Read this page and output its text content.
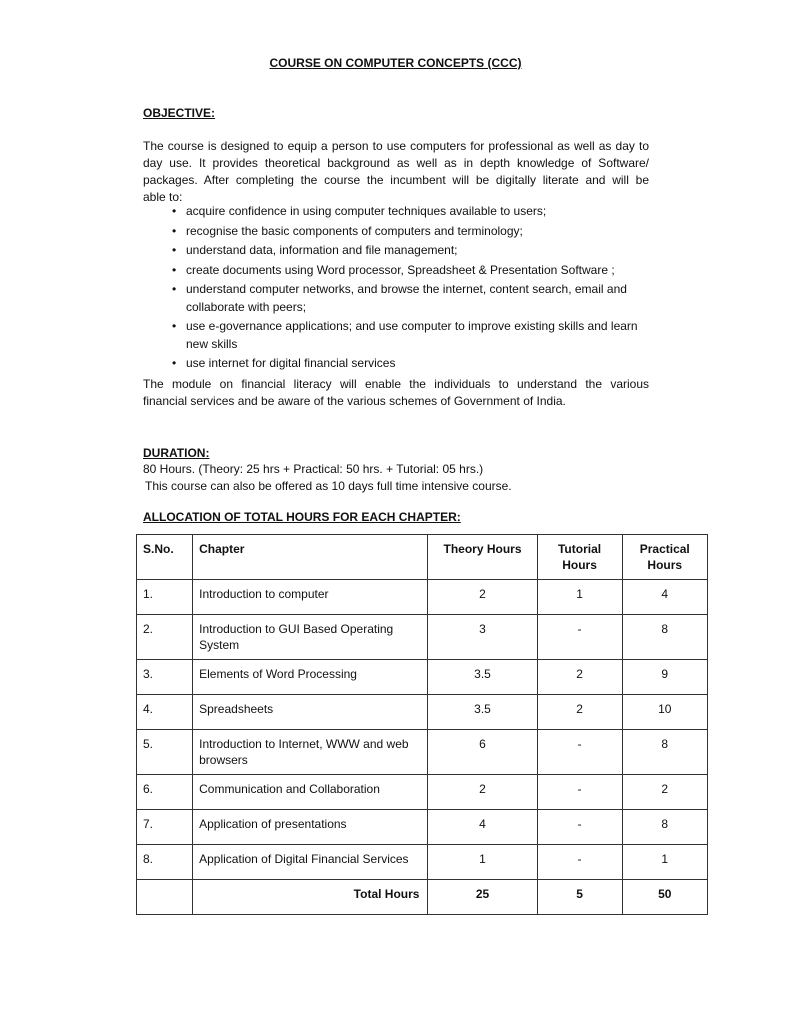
COURSE ON COMPUTER CONCEPTS (CCC)
OBJECTIVE:
The course is designed to equip a person to use computers for professional as well as day to
day use. It provides theoretical background as well as in depth knowledge of Software/
packages. After completing the course the incumbent will be digitally literate and will be
able to:
• acquire confidence in using computer techniques available to users;
• recognise the basic components of computers and terminology;
• understand data, information and file management;
• create documents using Word processor, Spreadsheet & Presentation Software ;
• understand computer networks, and browse the internet, content search, email and collaborate with peers;
• use e-governance applications; and use computer to improve existing skills and learn new skills
• use internet for digital financial services
The module on financial literacy will enable the individuals to understand the various
financial services and be aware of the various schemes of Government of India.
DURATION:
80 Hours. (Theory: 25 hrs + Practical: 50 hrs. + Tutorial: 05 hrs.)
This course can also be offered as 10 days full time intensive course.
ALLOCATION OF TOTAL HOURS FOR EACH CHAPTER:
S.No.	Chapter	Theory Hours	Tutorial Hours	Practical Hours
1.	Introduction to computer	2	1	4
2.	Introduction to GUI Based Operating System	3	-	8
3.	Elements of Word Processing	3.5	2	9
4.	Spreadsheets	3.5	2	10
5.	Introduction to Internet, WWW and web browsers	6	-	8
6.	Communication and Collaboration	2	-	2
7.	Application of presentations	4	-	8
8.	Application of Digital Financial Services	1	-	1
	Total Hours	25	5	50
